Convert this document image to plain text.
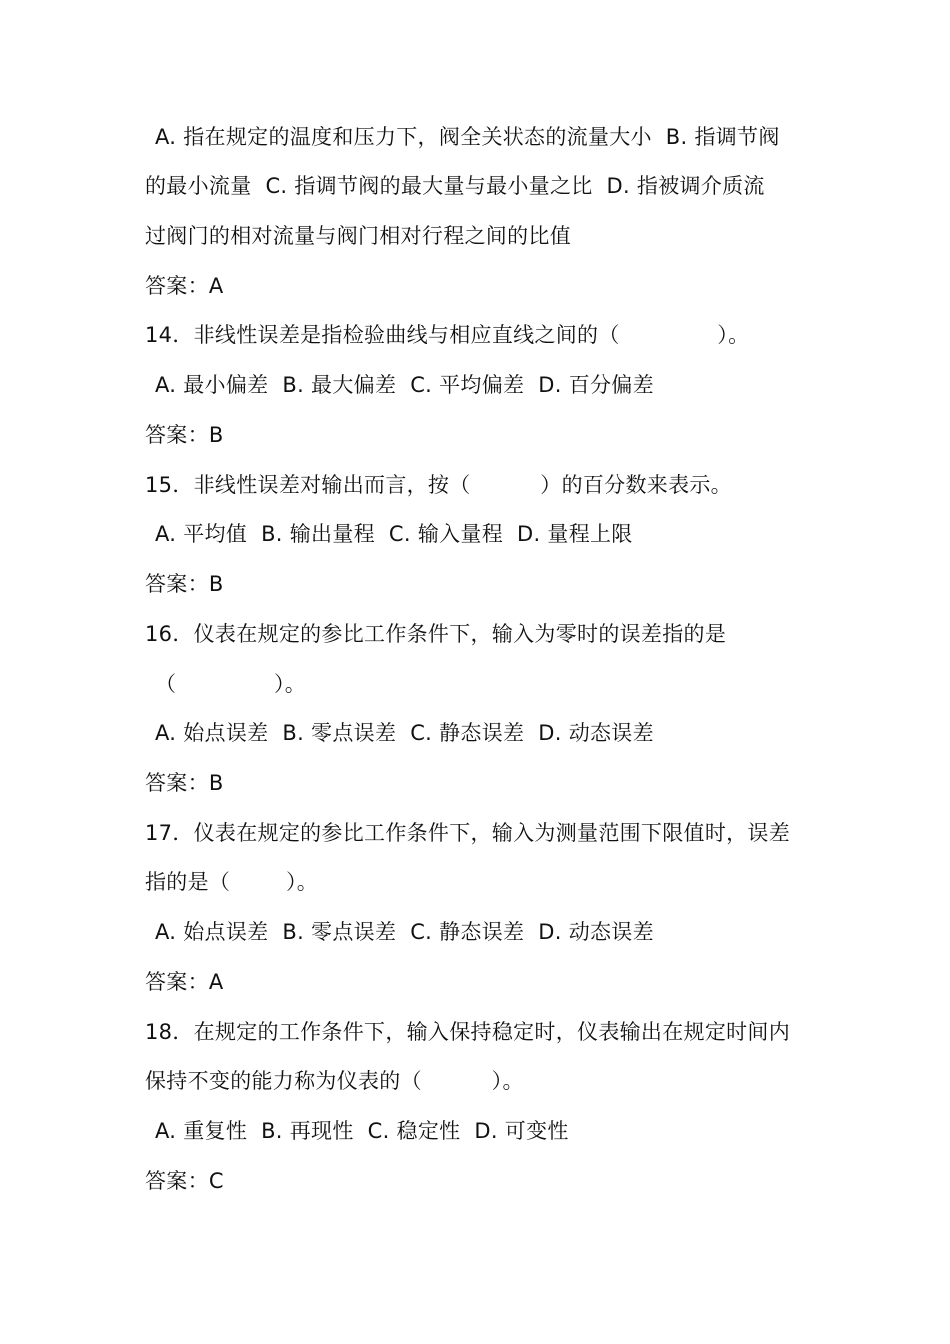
A. 指在规定的温度和压力下，阀全关状态的流量大小  B. 指调节阀
的最小流量  C. 指调节阀的最大量与最小量之比  D. 指被调介质流
过阀门的相对流量与阀门相对行程之间的比值
答案：A
14．非线性误差是指检验曲线与相应直线之间的（              ）。
A. 最小偏差  B. 最大偏差  C. 平均偏差  D. 百分偏差
答案：B
15．非线性误差对输出而言，按（          ）的百分数来表示。
A. 平均值  B. 输出量程  C. 输入量程  D. 量程上限
答案：B
16．仪表在规定的参比工作条件下，输入为零时的误差指的是
（              ）。
A. 始点误差  B. 零点误差  C. 静态误差  D. 动态误差
答案：B
17．仪表在规定的参比工作条件下，输入为测量范围下限值时，误差
指的是（        ）。
A. 始点误差  B. 零点误差  C. 静态误差  D. 动态误差
答案：A
18．在规定的工作条件下，输入保持稳定时，仪表输出在规定时间内
保持不变的能力称为仪表的（          ）。
A. 重复性  B. 再现性  C. 稳定性  D. 可变性
答案：C
